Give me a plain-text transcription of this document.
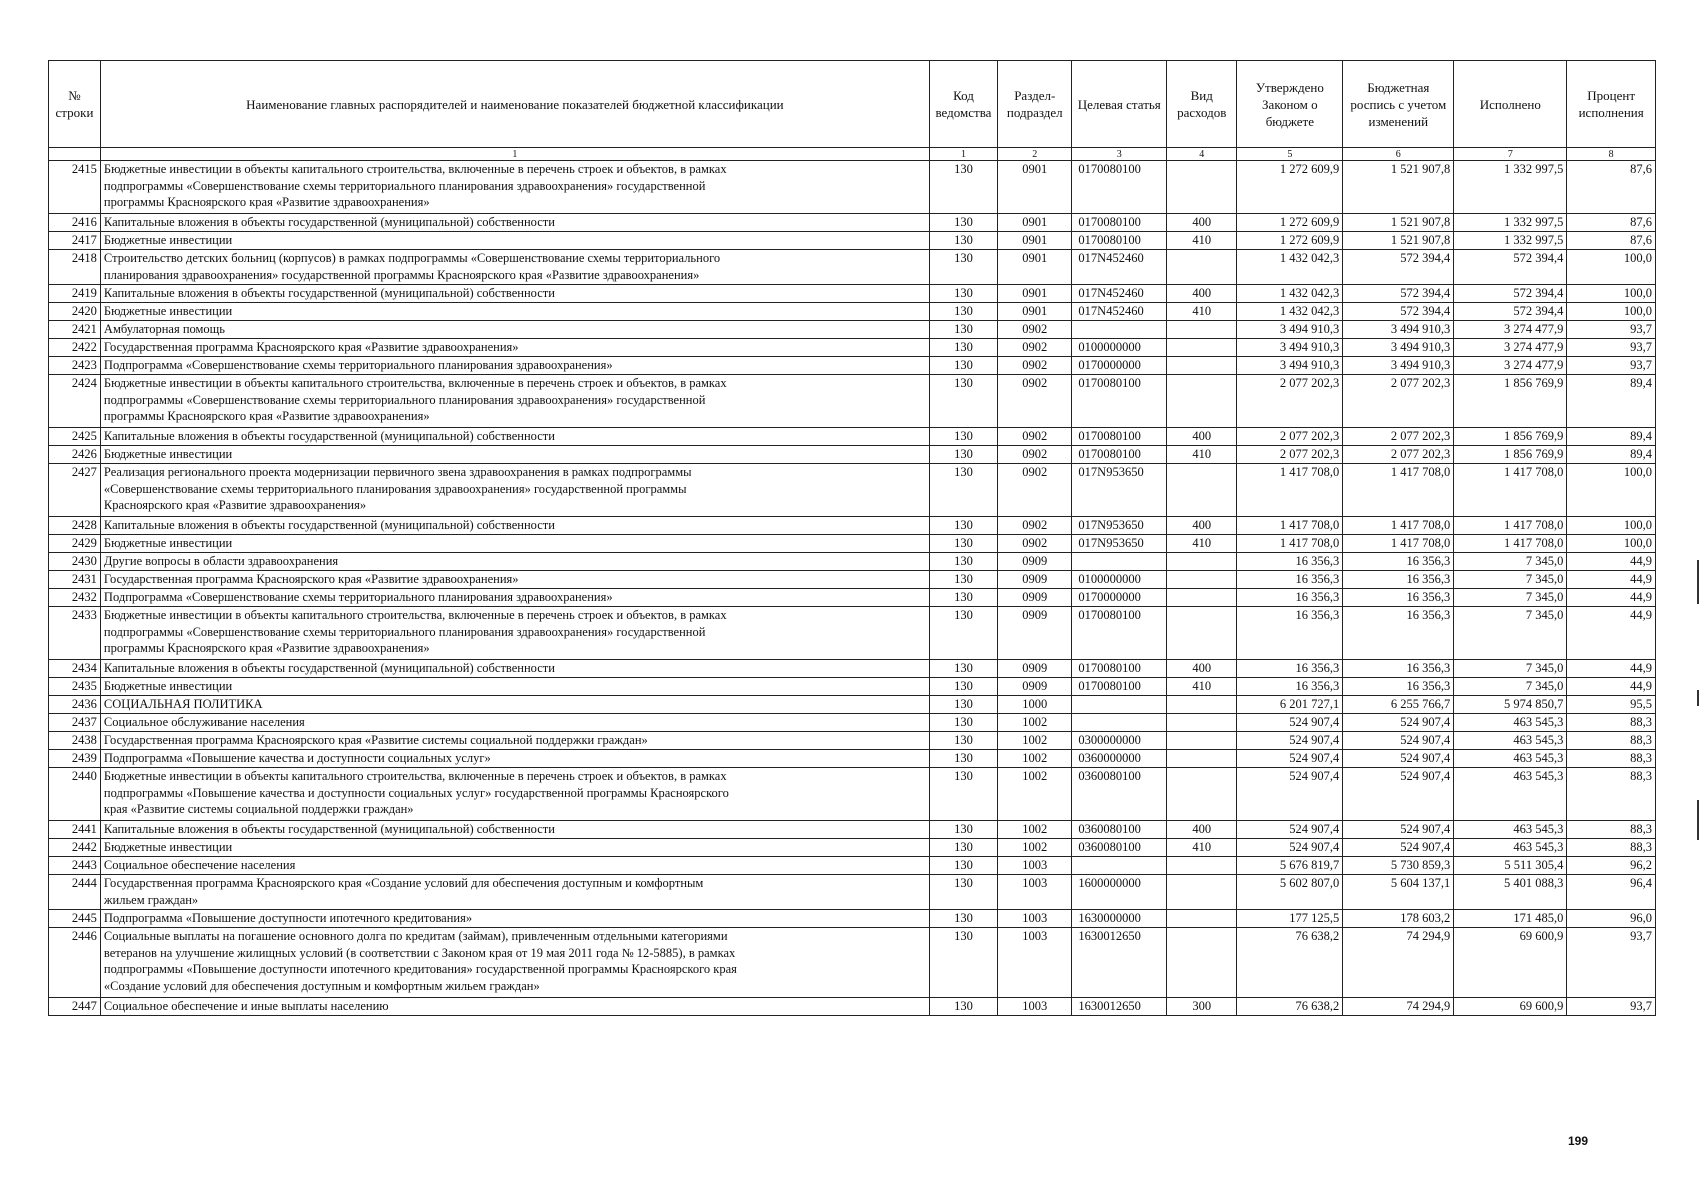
№ строки	Наименование главных распорядителей и наименование показателей бюджетной классификации	Код ведомства	Раздел-подраздел	Целевая статья	Вид расходов	Утверждено Законом о бюджете	Бюджетная роспись с учетом изменений	Исполнено	Процент исполнения
	1	1	2	3	4	5	6	7	8
2415	Бюджетные инвестиции в объекты капитального строительства, включенные в перечень строек и объектов, в рамках
подпрограммы «Совершенствование схемы территориального планирования здравоохранения» государственной
программы Красноярского края «Развитие здравоохранения»	130	0901	0170080100		1 272 609,9	1 521 907,8	1 332 997,5	87,6
2416	Капитальные вложения в объекты государственной (муниципальной) собственности	130	0901	0170080100	400	1 272 609,9	1 521 907,8	1 332 997,5	87,6
2417	Бюджетные инвестиции	130	0901	0170080100	410	1 272 609,9	1 521 907,8	1 332 997,5	87,6
2418	Строительство детских больниц (корпусов) в рамках подпрограммы «Совершенствование схемы территориального
планирования здравоохранения» государственной программы Красноярского края «Развитие здравоохранения»	130	0901	017N452460		1 432 042,3	572 394,4	572 394,4	100,0
2419	Капитальные вложения в объекты государственной (муниципальной) собственности	130	0901	017N452460	400	1 432 042,3	572 394,4	572 394,4	100,0
2420	Бюджетные инвестиции	130	0901	017N452460	410	1 432 042,3	572 394,4	572 394,4	100,0
2421	Амбулаторная помощь	130	0902			3 494 910,3	3 494 910,3	3 274 477,9	93,7
2422	Государственная программа Красноярского края «Развитие здравоохранения»	130	0902	0100000000		3 494 910,3	3 494 910,3	3 274 477,9	93,7
2423	Подпрограмма «Совершенствование схемы территориального планирования здравоохранения»	130	0902	0170000000		3 494 910,3	3 494 910,3	3 274 477,9	93,7
2424	Бюджетные инвестиции в объекты капитального строительства, включенные в перечень строек и объектов, в рамках
подпрограммы «Совершенствование схемы территориального планирования здравоохранения» государственной
программы Красноярского края «Развитие здравоохранения»	130	0902	0170080100		2 077 202,3	2 077 202,3	1 856 769,9	89,4
2425	Капитальные вложения в объекты государственной (муниципальной) собственности	130	0902	0170080100	400	2 077 202,3	2 077 202,3	1 856 769,9	89,4
2426	Бюджетные инвестиции	130	0902	0170080100	410	2 077 202,3	2 077 202,3	1 856 769,9	89,4
2427	Реализация регионального проекта модернизации первичного звена здравоохранения в рамках подпрограммы
«Совершенствование схемы территориального планирования здравоохранения» государственной программы
Красноярского края «Развитие здравоохранения»	130	0902	017N953650		1 417 708,0	1 417 708,0	1 417 708,0	100,0
2428	Капитальные вложения в объекты государственной (муниципальной) собственности	130	0902	017N953650	400	1 417 708,0	1 417 708,0	1 417 708,0	100,0
2429	Бюджетные инвестиции	130	0902	017N953650	410	1 417 708,0	1 417 708,0	1 417 708,0	100,0
2430	Другие вопросы в области здравоохранения	130	0909			16 356,3	16 356,3	7 345,0	44,9
2431	Государственная программа Красноярского края «Развитие здравоохранения»	130	0909	0100000000		16 356,3	16 356,3	7 345,0	44,9
2432	Подпрограмма «Совершенствование схемы территориального планирования здравоохранения»	130	0909	0170000000		16 356,3	16 356,3	7 345,0	44,9
2433	Бюджетные инвестиции в объекты капитального строительства, включенные в перечень строек и объектов, в рамках
подпрограммы «Совершенствование схемы территориального планирования здравоохранения» государственной
программы Красноярского края «Развитие здравоохранения»	130	0909	0170080100		16 356,3	16 356,3	7 345,0	44,9
2434	Капитальные вложения в объекты государственной (муниципальной) собственности	130	0909	0170080100	400	16 356,3	16 356,3	7 345,0	44,9
2435	Бюджетные инвестиции	130	0909	0170080100	410	16 356,3	16 356,3	7 345,0	44,9
2436	СОЦИАЛЬНАЯ ПОЛИТИКА	130	1000			6 201 727,1	6 255 766,7	5 974 850,7	95,5
2437	Социальное обслуживание населения	130	1002			524 907,4	524 907,4	463 545,3	88,3
2438	Государственная программа Красноярского края «Развитие системы социальной поддержки граждан»	130	1002	0300000000		524 907,4	524 907,4	463 545,3	88,3
2439	Подпрограмма «Повышение качества и доступности социальных услуг»	130	1002	0360000000		524 907,4	524 907,4	463 545,3	88,3
2440	Бюджетные инвестиции в объекты капитального строительства, включенные в перечень строек и объектов, в рамках
подпрограммы «Повышение качества и доступности социальных услуг» государственной программы Красноярского
края «Развитие системы социальной поддержки граждан»	130	1002	0360080100		524 907,4	524 907,4	463 545,3	88,3
2441	Капитальные вложения в объекты государственной (муниципальной) собственности	130	1002	0360080100	400	524 907,4	524 907,4	463 545,3	88,3
2442	Бюджетные инвестиции	130	1002	0360080100	410	524 907,4	524 907,4	463 545,3	88,3
2443	Социальное обеспечение населения	130	1003			5 676 819,7	5 730 859,3	5 511 305,4	96,2
2444	Государственная программа Красноярского края «Создание условий для обеспечения доступным и комфортным
жильем граждан»	130	1003	1600000000		5 602 807,0	5 604 137,1	5 401 088,3	96,4
2445	Подпрограмма «Повышение доступности ипотечного кредитования»	130	1003	1630000000		177 125,5	178 603,2	171 485,0	96,0
2446	Социальные выплаты на погашение основного долга по кредитам (займам), привлеченным отдельными категориями
ветеранов на улучшение жилищных условий (в соответствии с Законом края от 19 мая 2011 года № 12-5885), в рамках
подпрограммы «Повышение доступности ипотечного кредитования» государственной программы Красноярского края
«Создание условий для обеспечения доступным и комфортным жильем граждан»	130	1003	1630012650		76 638,2	74 294,9	69 600,9	93,7
2447	Социальное обеспечение и иные выплаты населению	130	1003	1630012650	300	76 638,2	74 294,9	69 600,9	93,7
199
